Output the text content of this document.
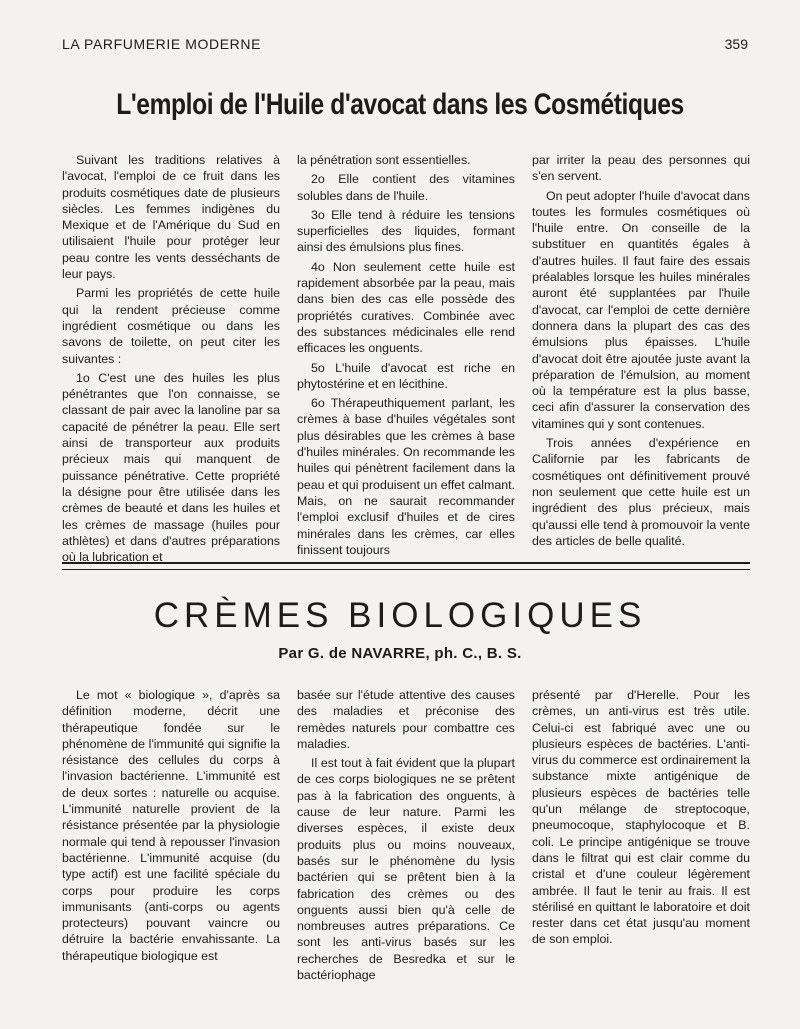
LA PARFUMERIE MODERNE	359
L'emploi de l'Huile d'avocat dans les Cosmétiques

Suivant les traditions relatives à l'avocat, l'emploi de ce fruit dans les produits cosmétiques date de plusieurs siècles. Les femmes indigènes du Mexique et de l'Amérique du Sud en utilisaient l'huile pour protéger leur peau contre les vents desséchants de leur pays.

Parmi les propriétés de cette huile qui la rendent précieuse comme ingrédient cosmétique ou dans les savons de toilette, on peut citer les suivantes :

1o C'est une des huiles les plus pénétrantes que l'on connaisse, se classant de pair avec la lanoline par sa capacité de pénétrer la peau. Elle sert ainsi de transporteur aux produits précieux mais qui manquent de puissance pénétrative. Cette propriété la désigne pour être utilisée dans les crèmes de beauté et dans les huiles et les crèmes de massage (huiles pour athlètes) et dans d'autres préparations où la lubrication et

la pénétration sont essentielles.

2o Elle contient des vitamines solubles dans de l'huile.

3o Elle tend à réduire les tensions superficielles des liquides, formant ainsi des émulsions plus fines.

4o Non seulement cette huile est rapidement absorbée par la peau, mais dans bien des cas elle possède des propriétés curatives. Combinée avec des substances médicinales elle rend efficaces les onguents.

5o L'huile d'avocat est riche en phytostérine et en lécithine.

6o Thérapeuthiquement parlant, les crèmes à base d'huiles végétales sont plus désirables que les crèmes à base d'huiles minérales. On recommande les huiles qui pénètrent facilement dans la peau et qui produisent un effet calmant. Mais, on ne saurait recommander l'emploi exclusif d'huiles et de cires minérales dans les crèmes, car elles finissent toujours

par irriter la peau des personnes qui s'en servent.

On peut adopter l'huile d'avocat dans toutes les formules cosmétiques où l'huile entre. On conseille de la substituer en quantités égales à d'autres huiles. Il faut faire des essais préalables lorsque les huiles minérales auront été supplantées par l'huile d'avocat, car l'emploi de cette dernière donnera dans la plupart des cas des émulsions plus épaisses. L'huile d'avocat doit être ajoutée juste avant la préparation de l'émulsion, au moment où la température est la plus basse, ceci afin d'assurer la conservation des vitamines qui y sont contenues.

Trois années d'expérience en Californie par les fabricants de cosmétiques ont définitivement prouvé non seulement que cette huile est un ingrédient des plus précieux, mais qu'aussi elle tend à promouvoir la vente des articles de belle qualité.

CRÈMES BIOLOGIQUES
Par G. de NAVARRE, ph. C., B. S.

Le mot « biologique », d'après sa définition moderne, décrit une thérapeutique fondée sur le phénomène de l'immunité qui signifie la résistance des cellules du corps à l'invasion bactérienne. L'immunité est de deux sortes : naturelle ou acquise. L'immunité naturelle provient de la résistance présentée par la physiologie normale qui tend à repousser l'invasion bactérienne. L'immunité acquise (du type actif) est une facilité spéciale du corps pour produire les corps immunisants (anti-corps ou agents protecteurs) pouvant vaincre ou détruire la bactérie envahissante. La thérapeutique biologique est

basée sur l'étude attentive des causes des maladies et préconise des remèdes naturels pour combattre ces maladies.

Il est tout à fait évident que la plupart de ces corps biologiques ne se prêtent pas à la fabrication des onguents, à cause de leur nature. Parmi les diverses espèces, il existe deux produits plus ou moins nouveaux, basés sur le phénomène du lysis bactérien qui se prêtent bien à la fabrication des crèmes ou des onguents aussi bien qu'à celle de nombreuses autres préparations. Ce sont les anti-virus basés sur les recherches de Besredka et sur le bactériophage

présenté par d'Herelle. Pour les crèmes, un anti-virus est très utile. Celui-ci est fabriqué avec une ou plusieurs espèces de bactéries. L'anti-virus du commerce est ordinairement la substance mixte antigénique de plusieurs espèces de bactéries telle qu'un mélange de streptocoque, pneumocoque, staphylocoque et B. coli. Le principe antigénique se trouve dans le filtrat qui est clair comme du cristal et d'une couleur légèrement ambrée. Il faut le tenir au frais. Il est stérilisé en quittant le laboratoire et doit rester dans cet état jusqu'au moment de son emploi.
